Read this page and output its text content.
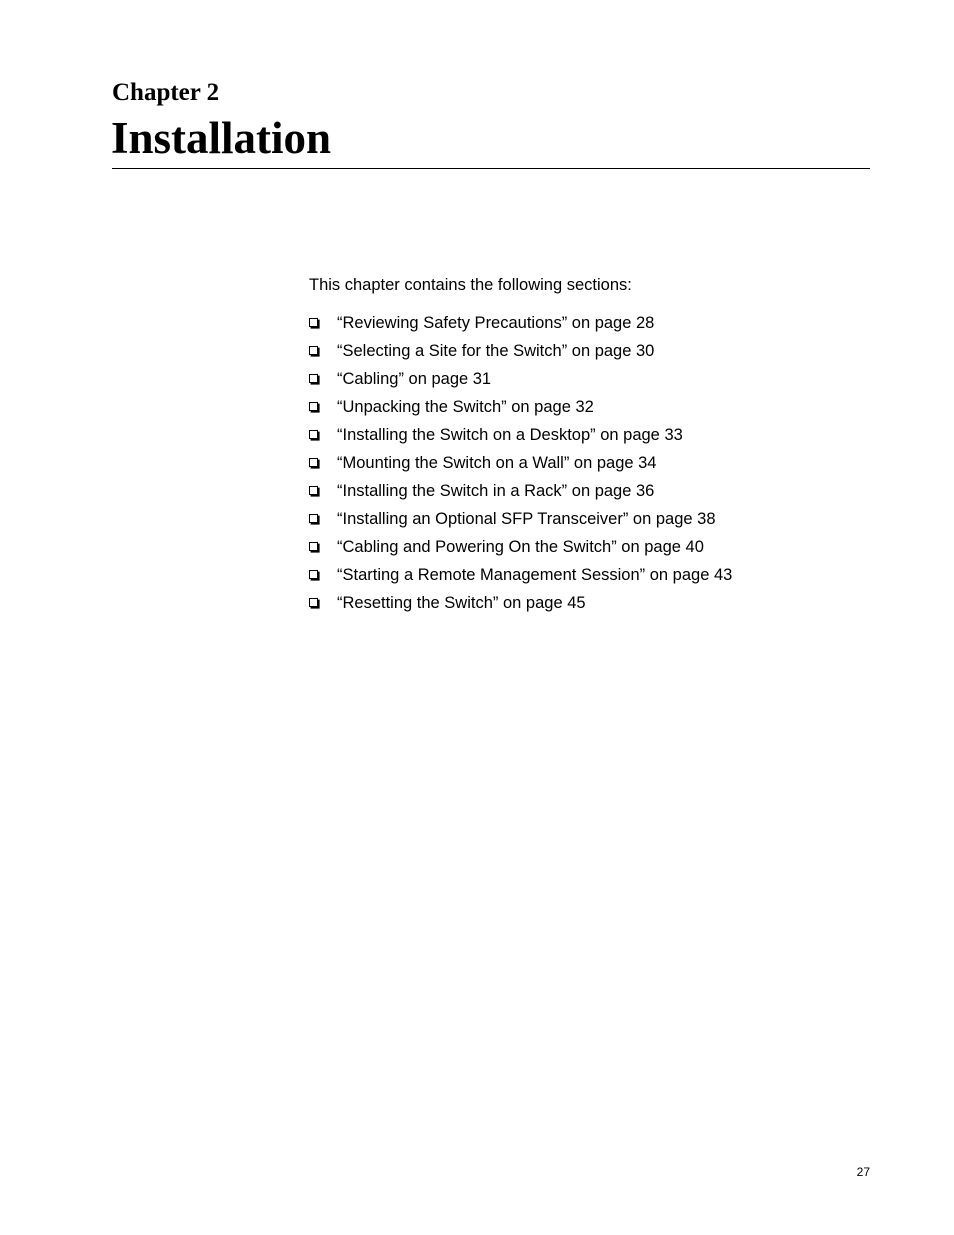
Chapter 2
Installation

This chapter contains the following sections:

“Reviewing Safety Precautions” on page 28
“Selecting a Site for the Switch” on page 30
“Cabling” on page 31
“Unpacking the Switch” on page 32
“Installing the Switch on a Desktop” on page 33
“Mounting the Switch on a Wall” on page 34
“Installing the Switch in a Rack” on page 36
“Installing an Optional SFP Transceiver” on page 38
“Cabling and Powering On the Switch” on page 40
“Starting a Remote Management Session” on page 43
“Resetting the Switch” on page 45
27
